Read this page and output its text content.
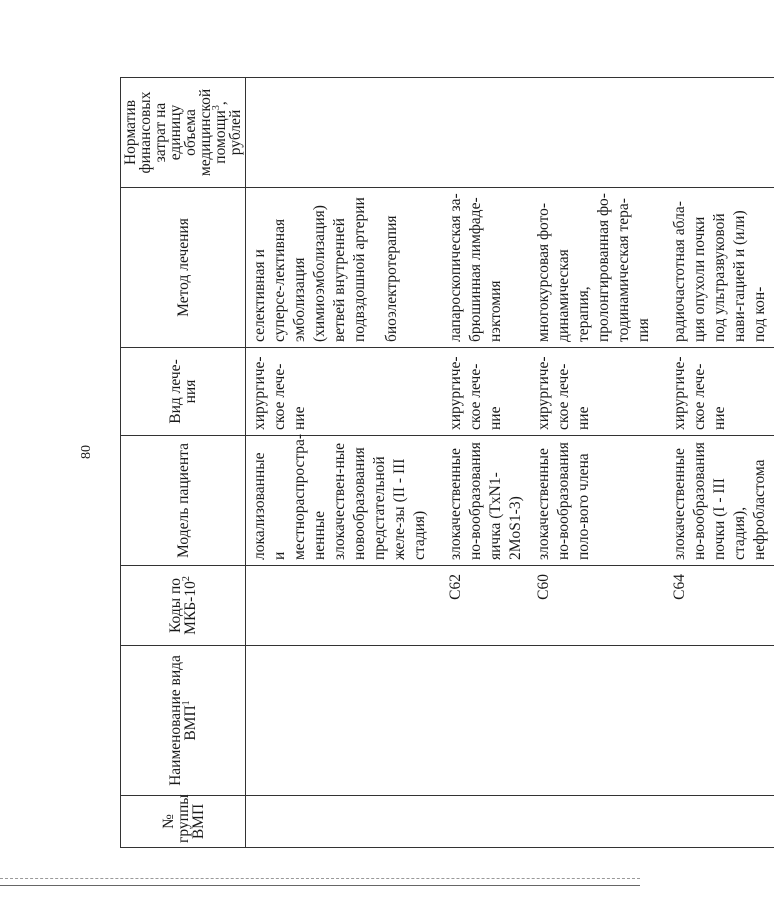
80
№ группы ВМП	Наименование вида ВМП$^1$	Коды по МКБ-$10^2$	Модель пациента	Вид лече-ния	Метод лечения	Норматив финансовых затрат на единицу объема медицинской помощи$^3$, рублей
			локализованные и местнораспростра-ненные злокачествен-ные новообразования предстательной желе-зы (II - III стадия)	хирургиче-ское лече-ние	селективная и суперсе-лективная эмболизация (химиоэмболизация) ветвей внутренней подвздошной артерии биоэлектротерапия	

		C62	злокачественные но-вообразования яичка (TxN1-2MoS1-3)	хирургиче-ское лече-ние	лапароскопическая за-брюшинная лимфаде-нэктомия	
		C60	злокачественные но-вообразования поло-вого члена	хирургиче-ское лече-ние	многокурсовая фото-динамическая терапия, пролонгированная фо-тодинамическая тера-пия	
		C64	злокачественные но-вообразования почки (I - III стадия), нефробластома	хирургиче-ское лече-ние	радиочастотная абла-ция опухоли почки под ультразвуковой нави-гацией и (или) под кон-	
